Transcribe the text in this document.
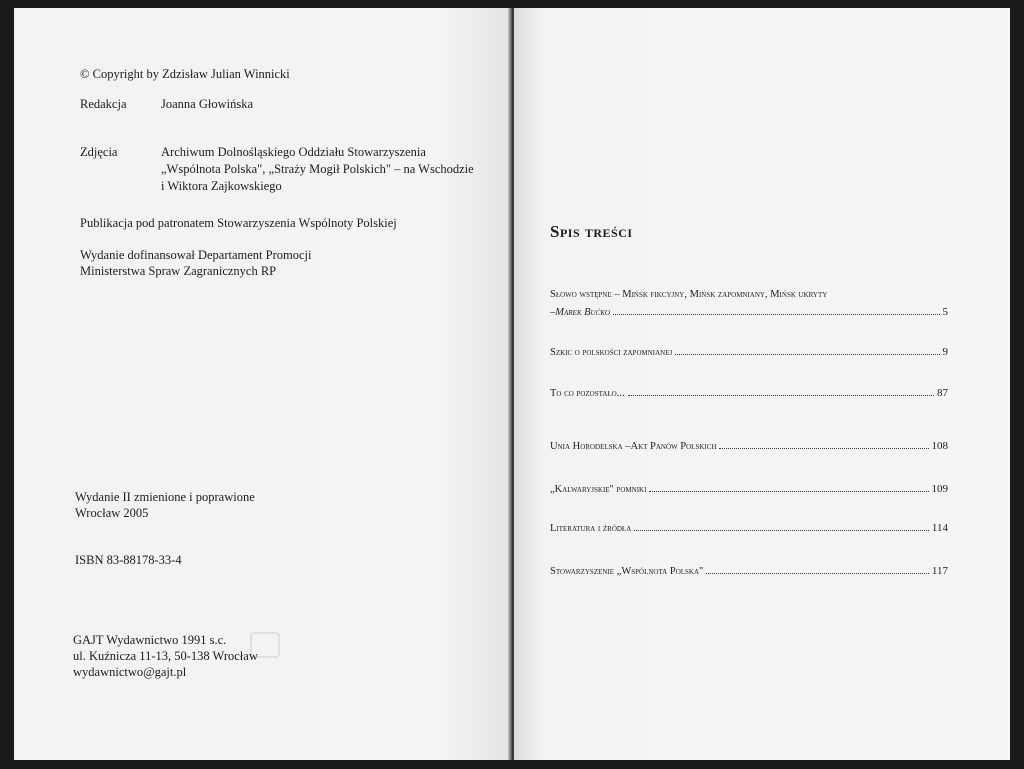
© Copyright by Zdzisław Julian Winnicki
Redakcja	Joanna Głowińska
Zdjęcia	Archiwum Dolnośląskiego Oddziału Stowarzyszenia
„Wspólnota Polska", „Straży Mogił Polskich" – na Wschodzie
i Wiktora Zajkowskiego
Publikacja pod patronatem Stowarzyszenia Wspólnoty Polskiej
Wydanie dofinansował Departament Promocji
Ministerstwa Spraw Zagranicznych RP
Wydanie II zmienione i poprawione
Wrocław 2005
ISBN 83-88178-33-4
GAJT Wydawnictwo 1991 s.c.
ul. Kuźnicza 11-13, 50-138 Wrocław
wydawnictwo@gajt.pl
Spis treści
Słowo wstępne – Mińsk fikcyjny, Mińsk zapomniany, Mińsk ukryty
– Marek Bućko	5
Szkic o polskości zapomnianej	9
To co pozostało...	87
Unia Horodelska –Akt Panów Polskich	108
„Kalwaryjskie" pomniki	109
Literatura i źródła	114
Stowarzyszenie „Wspólnota Polska"	117
